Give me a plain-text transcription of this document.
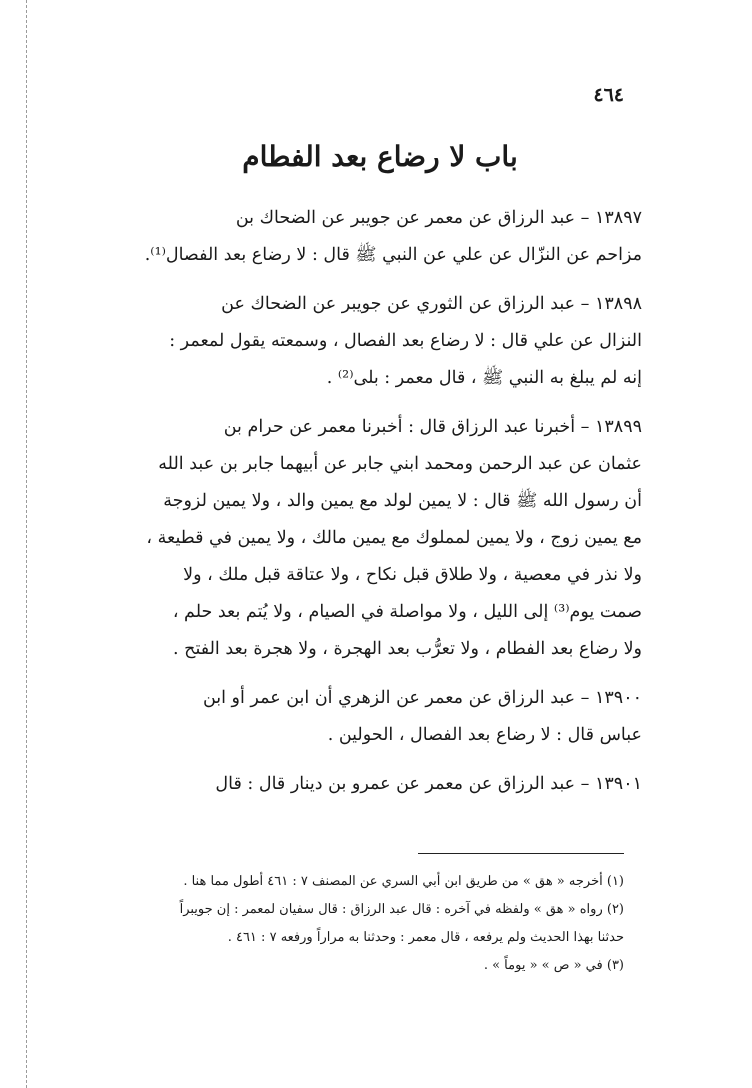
٤٦٤
باب لا رضاع بعد الفطام

١٣٨٩٧ – عبد الرزاق عن معمر عن جويبر عن الضحاك بن
مزاحم عن النزّال عن علي عن النبي ﷺ قال : لا رضاع بعد الفصال⁽¹⁾.

١٣٨٩٨ – عبد الرزاق عن الثوري عن جويبر عن الضحاك عن
النزال عن علي قال : لا رضاع بعد الفصال ، وسمعته يقول لمعمر :
إنه لم يبلغ به النبي ﷺ ، قال معمر : بلى⁽²⁾ .

١٣٨٩٩ – أخبرنا عبد الرزاق قال : أخبرنا معمر عن حرام بن
عثمان عن عبد الرحمن ومحمد ابني جابر عن أبيهما جابر بن عبد الله
أن رسول الله ﷺ قال : لا يمين لولد مع يمين والد ، ولا يمين لزوجة
مع يمين زوج ، ولا يمين لمملوك مع يمين مالك ، ولا يمين في قطيعة ،
ولا نذر في معصية ، ولا طلاق قبل نكاح ، ولا عتاقة قبل ملك ، ولا
صمت يوم⁽³⁾ إلى الليل ، ولا مواصلة في الصيام ، ولا يُتم بعد حلم ،
ولا رضاع بعد الفطام ، ولا تعرُّب بعد الهجرة ، ولا هجرة بعد الفتح .

١٣٩٠٠ – عبد الرزاق عن معمر عن الزهري أن ابن عمر أو ابن
عباس قال : لا رضاع بعد الفصال ، الحولين .

١٣٩٠١ – عبد الرزاق عن معمر عن عمرو بن دينار قال : قال

(١) أخرجه « هق » من طريق ابن أبي السري عن المصنف ٧ : ٤٦١ أطول مما هنا .
(٢) رواه « هق » ولفظه في آخره : قال عبد الرزاق : قال سفيان لمعمر : إن جويبراً
حدثنا بهذا الحديث ولم يرفعه ، قال معمر : وحدثنا به مراراً ورفعه ٧ : ٤٦١ .
(٣) في « ص » « يوماً » .
